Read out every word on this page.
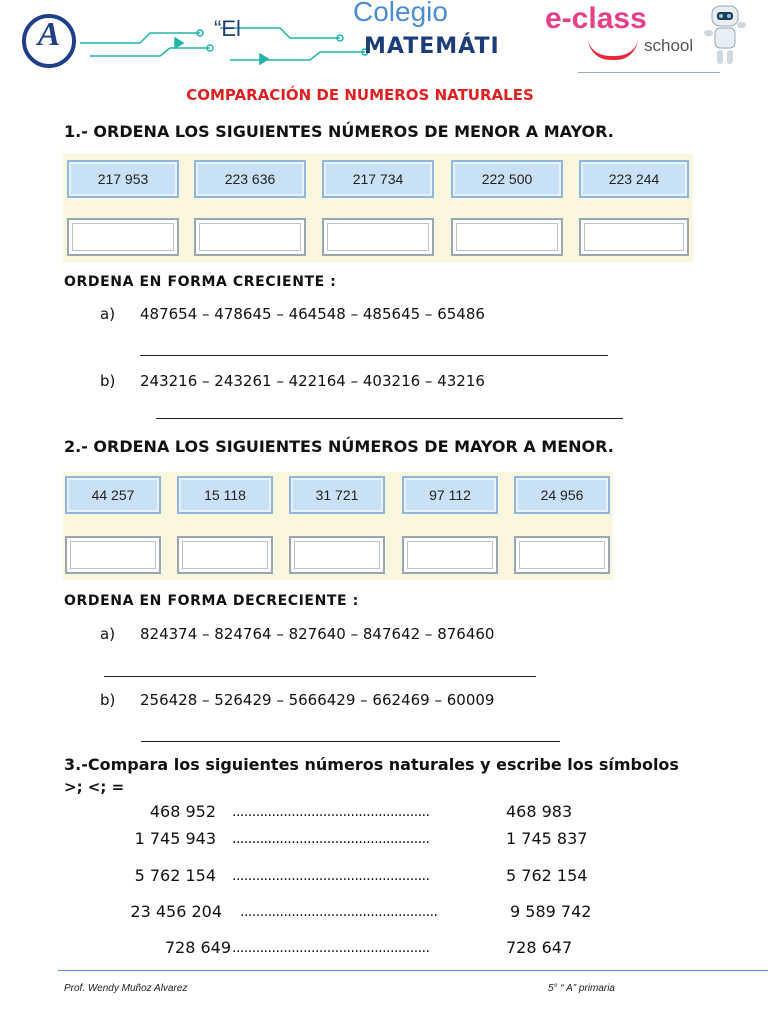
A	“El
Colegio
MATEMÁTI
e-class
school
COMPARACIÓN DE NUMEROS NATURALES
1.- ORDENA LOS SIGUIENTES NÚMEROS DE MENOR A MAYOR.
217 953	223 636	217 734	222 500	223 244
ORDENA EN FORMA CRECIENTE :
a) 487654 – 478645 – 464548 – 485645 – 65486
b) 243216 – 243261 – 422164 – 403216 – 43216
2.- ORDENA LOS SIGUIENTES NÚMEROS DE MAYOR A MENOR.
44 257	15 118	31 721	97 112	24 956
ORDENA EN FORMA DECRECIENTE :
a) 824374 – 824764 – 827640 – 847642 – 876460
b) 256428 – 526429 – 5666429 – 662469 – 60009
3.-Compara los siguientes números naturales y escribe los símbolos
>; <; =
468 952 ..................................................	468 983
1 745 943 ..................................................	1 745 837
5 762 154 ..................................................	5 762 154
23 456 204 ..................................................	9 589 742
728 649 ..................................................	728 647
Prof. Wendy Muñoz Alvarez	5° “ A” primaria
